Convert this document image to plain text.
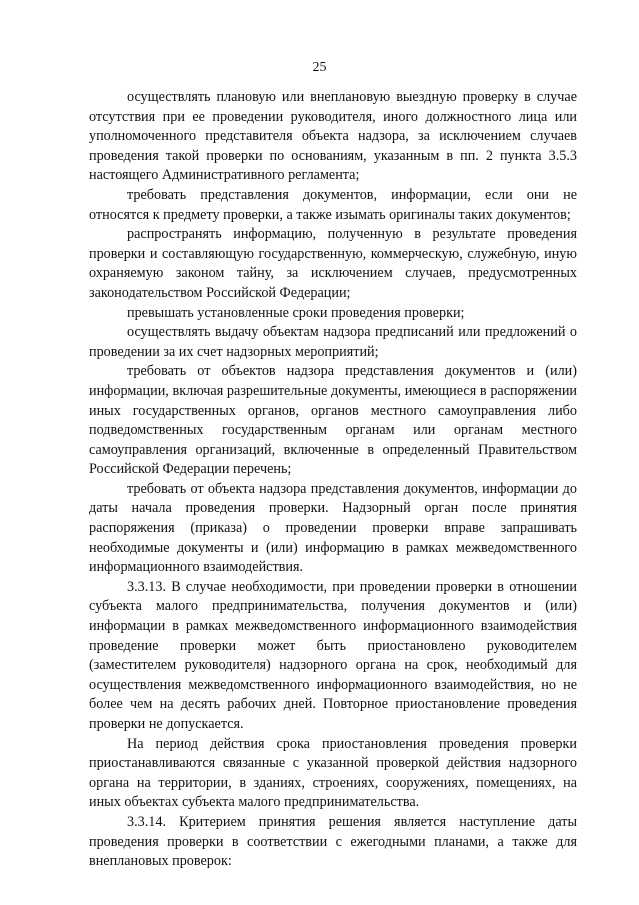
25

осуществлять плановую или внеплановую выездную проверку в случае отсутствия при ее проведении руководителя, иного должностного лица или уполномоченного представителя объекта надзора, за исключением случаев проведения такой проверки по основаниям, указанным в пп. 2 пункта 3.5.3 настоящего Административного регламента;

требовать представления документов, информации, если они не относятся к предмету проверки, а также изымать оригиналы таких документов;

распространять информацию, полученную в результате проведения проверки и составляющую государственную, коммерческую, служебную, иную охраняемую законом тайну, за исключением случаев, предусмотренных законодательством Российской Федерации;

превышать установленные сроки проведения проверки;

осуществлять выдачу объектам надзора предписаний или предложений о проведении за их счет надзорных мероприятий;

требовать от объектов надзора представления документов и (или) информации, включая разрешительные документы, имеющиеся в распоряжении иных государственных органов, органов местного самоуправления либо подведомственных государственным органам или органам местного самоуправления организаций, включенные в определенный Правительством Российской Федерации перечень;

требовать от объекта надзора представления документов, информации до даты начала проведения проверки. Надзорный орган после принятия распоряжения (приказа) о проведении проверки вправе запрашивать необходимые документы и (или) информацию в рамках межведомственного информационного взаимодействия.

3.3.13. В случае необходимости, при проведении проверки в отношении субъекта малого предпринимательства, получения документов и (или) информации в рамках межведомственного информационного взаимодействия проведение проверки может быть приостановлено руководителем (заместителем руководителя) надзорного органа на срок, необходимый для осуществления межведомственного информационного взаимодействия, но не более чем на десять рабочих дней. Повторное приостановление проведения проверки не допускается.

На период действия срока приостановления проведения проверки приостанавливаются связанные с указанной проверкой действия надзорного органа на территории, в зданиях, строениях, сооружениях, помещениях, на иных объектах субъекта малого предпринимательства.

3.3.14. Критерием принятия решения является наступление даты проведения проверки в соответствии с ежегодными планами, а также для внеплановых проверок:
